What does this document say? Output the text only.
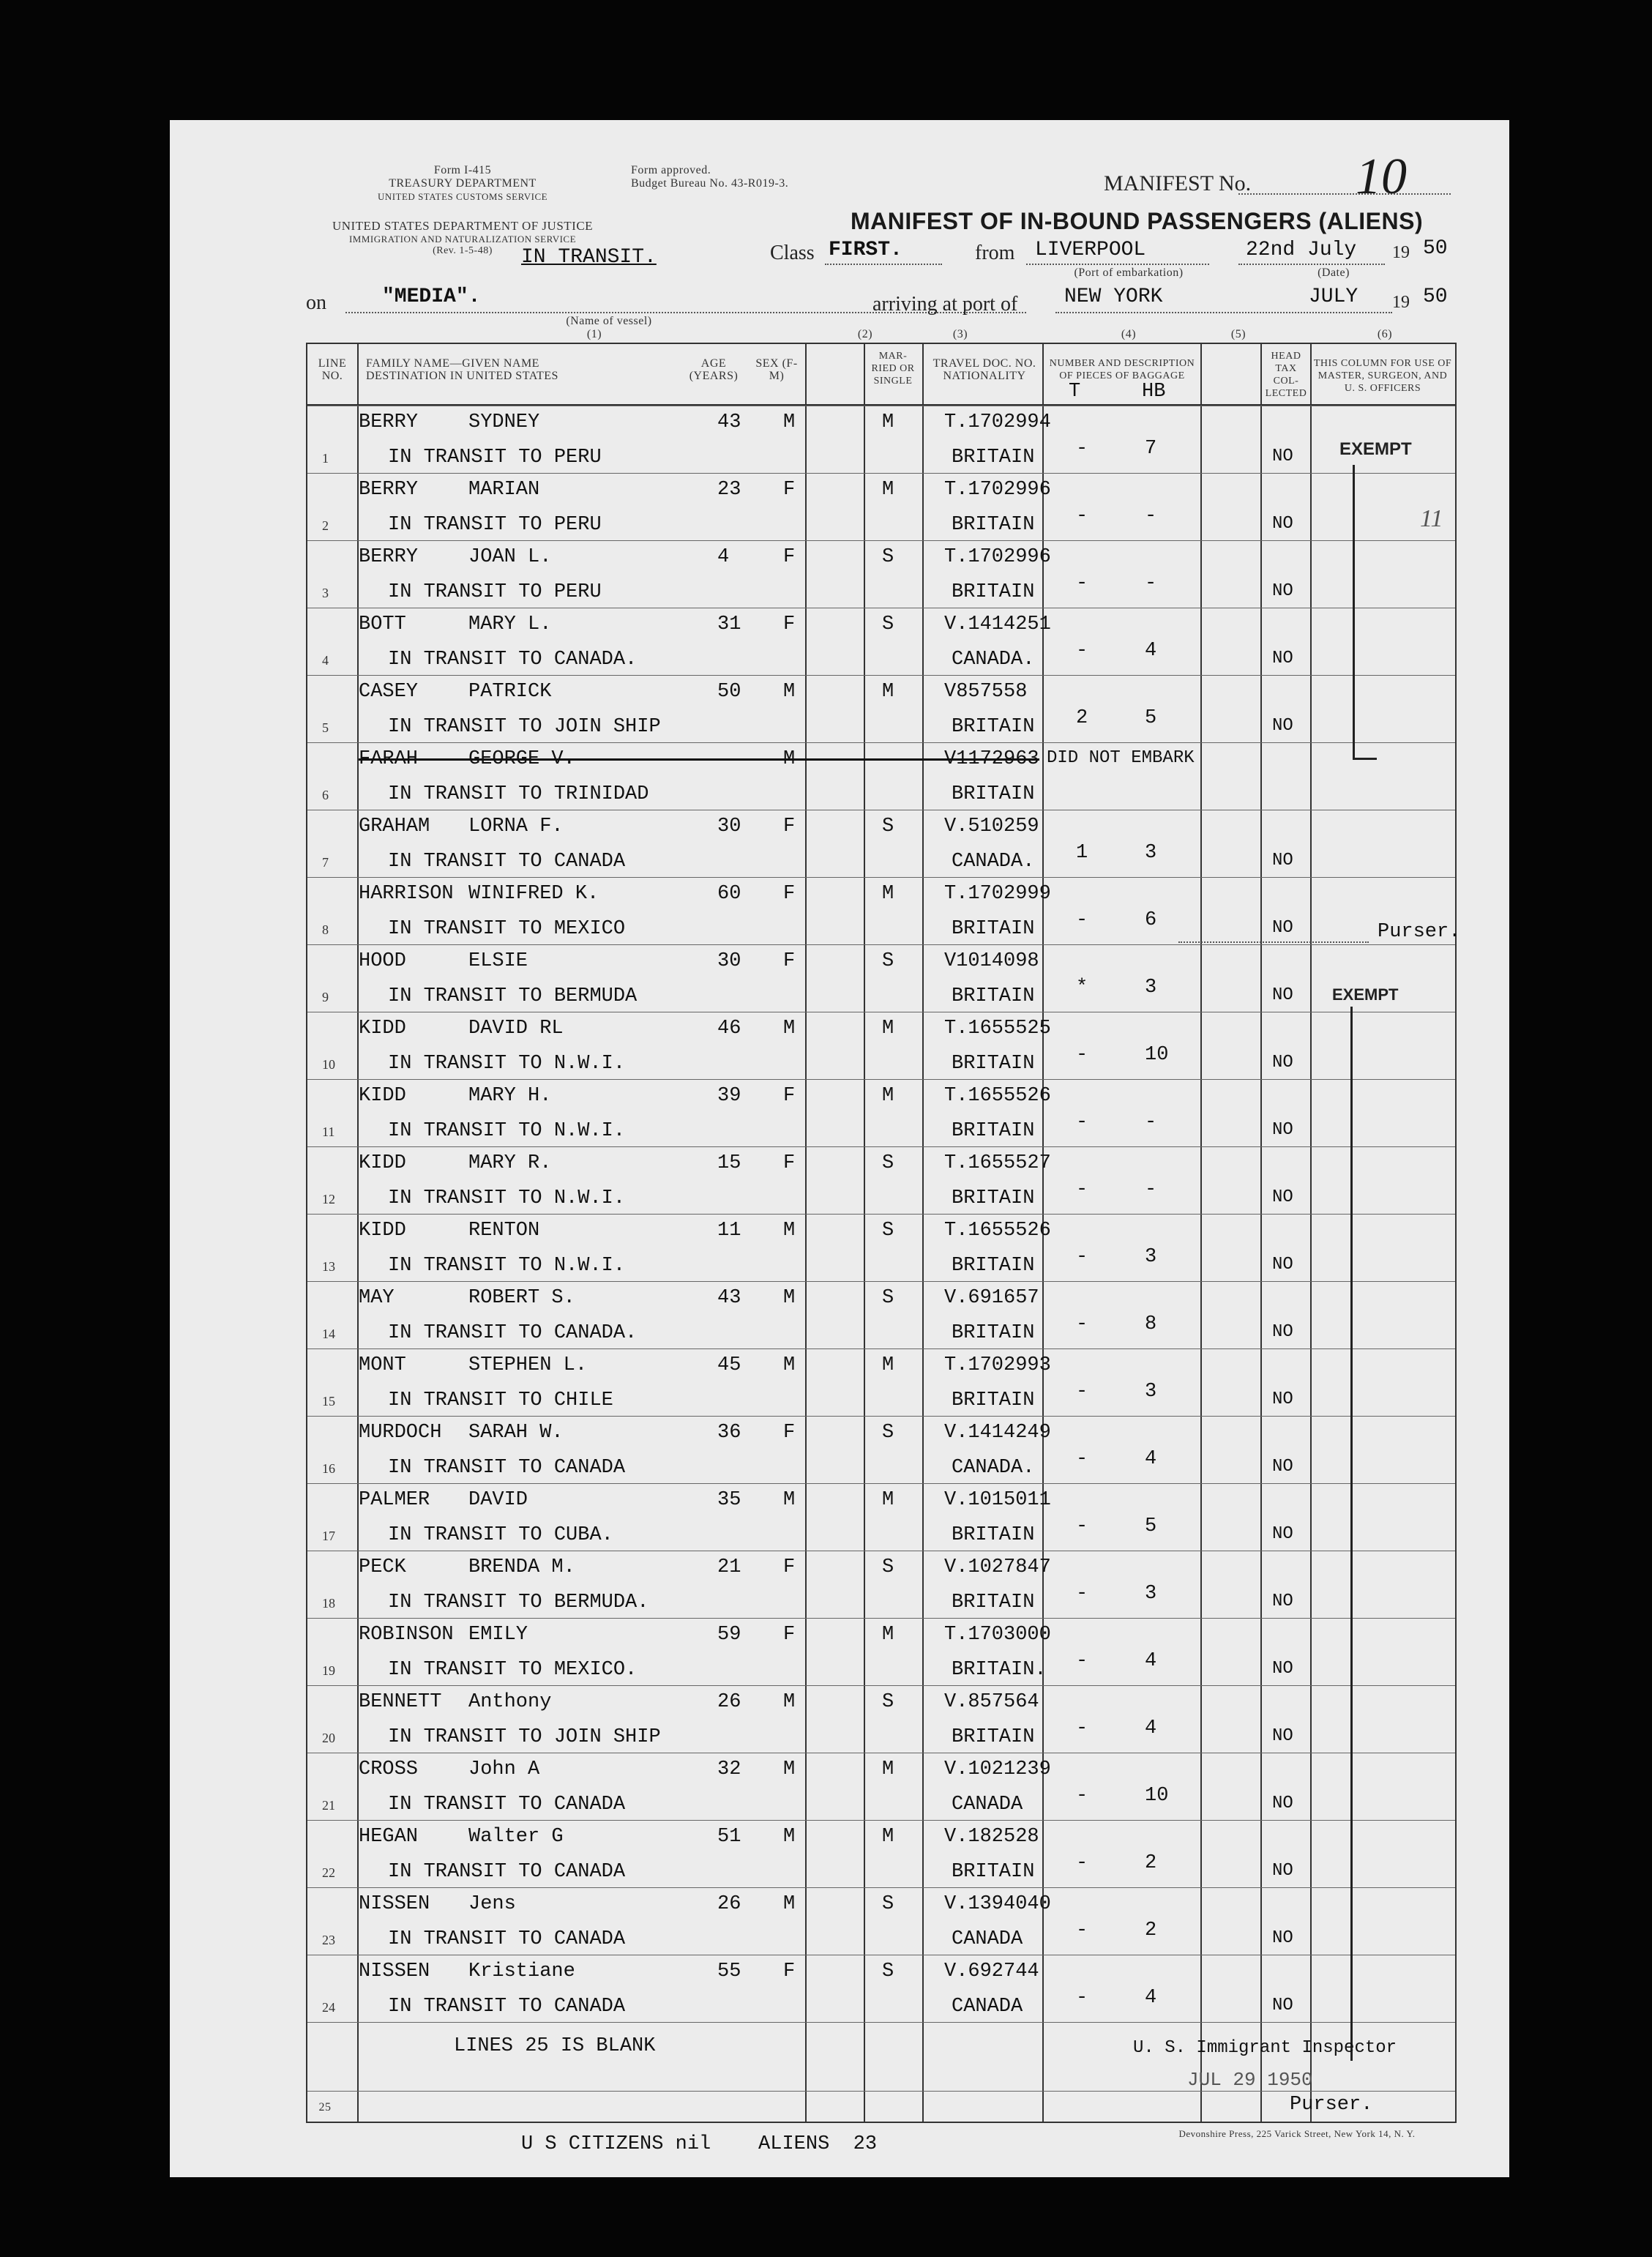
Form I-415
TREASURY DEPARTMENT
UNITED STATES CUSTOMS SERVICE
Form approved.
Budget Bureau No. 43-R019-3.
UNITED STATES DEPARTMENT OF JUSTICE
IMMIGRATION AND NATURALIZATION SERVICE
(Rev. 1-5-48)	IN TRANSIT.
MANIFEST No. 10
MANIFEST OF IN-BOUND PASSENGERS (ALIENS)
Class FIRST.	from LIVERPOOL	22nd July 19 50
(Port of embarkation)	(Date)
on	"MEDIA".
(Name of vessel)
arriving at port of NEW YORK	JULY 19 50
(1)	(2)	(3)	(4)	(5)	(6)
LINE NO.
FAMILY NAME—GIVEN NAME DESTINATION IN UNITED STATES
AGE (YEARS)
SEX (F-M)
MAR-RIED OR SINGLE
TRAVEL DOC. NO. NATIONALITY
NUMBER AND DESCRIPTION OF PIECES OF BAGGAGE
T	HB
HEAD TAX COL-LECTED
THIS COLUMN FOR USE OF MASTER, SURGEON, AND U. S. OFFICERS
1
BERRY	SYDNEY	43 M	M	T.1702994
IN TRANSIT TO PERU	BRITAIN -	7	NO
2
BERRY	MARIAN	23 F	M	T.1702996
IN TRANSIT TO PERU	BRITAIN -	-	NO
3
BERRY	JOAN L.	4	F	S	T.1702996
IN TRANSIT TO PERU	BRITAIN -	-	NO
4
BOTT	MARY L.	31 F	S	V.1414251
IN TRANSIT TO CANADA.	CANADA. -	4	NO
5
CASEY	PATRICK	50 M	M	V857558
IN TRANSIT TO JOIN SHIP	BRITAIN 2	5	NO
6
FARAH	GEORGE V.	M	V1172963
IN TRANSIT TO TRINIDAD	BRITAIN
DID NOT EMBARK
7
GRAHAM LORNA F.	30 F	S	V.510259
IN TRANSIT TO CANADA	CANADA. 1	3	NO
8
HARRISON WINIFRED K.	60 F	M	T.1702999
IN TRANSIT TO MEXICO	BRITAIN -	6	NO
9
HOOD	ELSIE	30 F	S	V1014098
IN TRANSIT TO BERMUDA	BRITAIN *	3	NO
10
KIDD	DAVID RL	46 M	M	T.1655525
IN TRANSIT TO N.W.I.	BRITAIN -	10	NO
11
KIDD	MARY H.	39 F	M	T.1655526
IN TRANSIT TO N.W.I.	BRITAIN -	-	NO
12
KIDD	MARY R.	15 F	S	T.1655527
IN TRANSIT TO N.W.I.	BRITAIN -	-	NO
13
KIDD	RENTON	11 M	S	T.1655526
IN TRANSIT TO N.W.I.	BRITAIN -	3	NO
14
MAY	ROBERT S.	43 M	S	V.691657
IN TRANSIT TO CANADA.	BRITAIN -	8	NO
15
MONT	STEPHEN L.	45 M	M	T.1702993
IN TRANSIT TO CHILE	BRITAIN -	3	NO
16
MURDOCH SARAH W.	36 F	S	V.1414249
IN TRANSIT TO CANADA	CANADA. -	4	NO
17
PALMER DAVID	35 M	M	V.1015011
IN TRANSIT TO CUBA.	BRITAIN -	5	NO
18
PECK	BRENDA M.	21 F	S	V.1027847
IN TRANSIT TO BERMUDA.	BRITAIN -	3	NO
19
ROBINSON EMILY	59 F	M	T.1703000
IN TRANSIT TO MEXICO.	BRITAIN. -	4	NO
20
BENNETT Anthony	26 M	S	V.857564
IN TRANSIT TO JOIN SHIP	BRITAIN -	4	NO
21
CROSS	John A	32 M	M	V.1021239
IN TRANSIT TO CANADA	CANADA	-	10	NO
22
HEGAN	Walter G	51 M	M	V.182528
IN TRANSIT TO CANADA	BRITAIN -	2	NO
23
NISSEN Jens	26 M	S	V.1394040
IN TRANSIT TO CANADA	CANADA	-	2	NO
24
NISSEN Kristiane	55 F	S	V.692744
IN TRANSIT TO CANADA	CANADA	-	4	NO
LINES 25 IS BLANK
25
EXEMPT
11
EXEMPT
Purser.
U. S. Immigrant Inspector
JUL 29 1950
Purser.
Devonshire Press, 225 Varick Street, New York 14, N. Y.
U S CITIZENS nil    ALIENS  23
